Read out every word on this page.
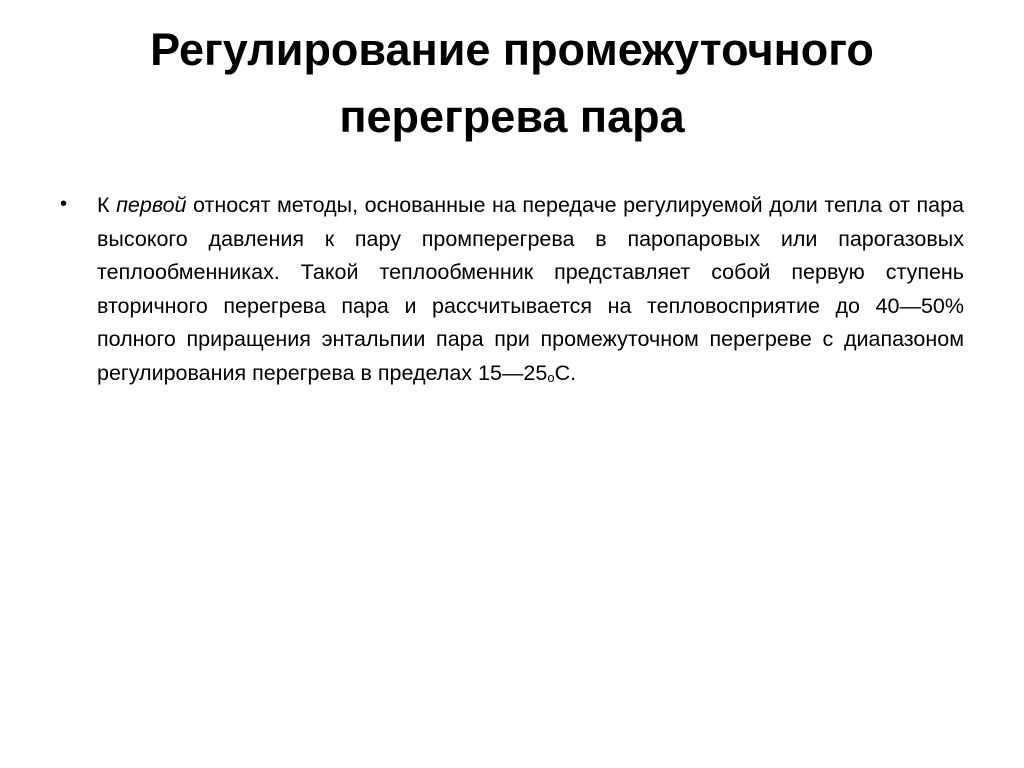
Регулирование промежуточного
перегрева пара
• К первой относят методы, основанные на передаче регулируемой доли тепла от пара высокого давления к пару промперегрева в паропаровых или парогазовых теплообменниках. Такой теплообменник представляет собой первую ступень вторичного перегрева пара и рассчитывается на тепловосприятие до 40—50% полного приращения энтальпии пара при промежуточном перегреве с диапазоном регулирования перегрева в пределах 15—25оС.
